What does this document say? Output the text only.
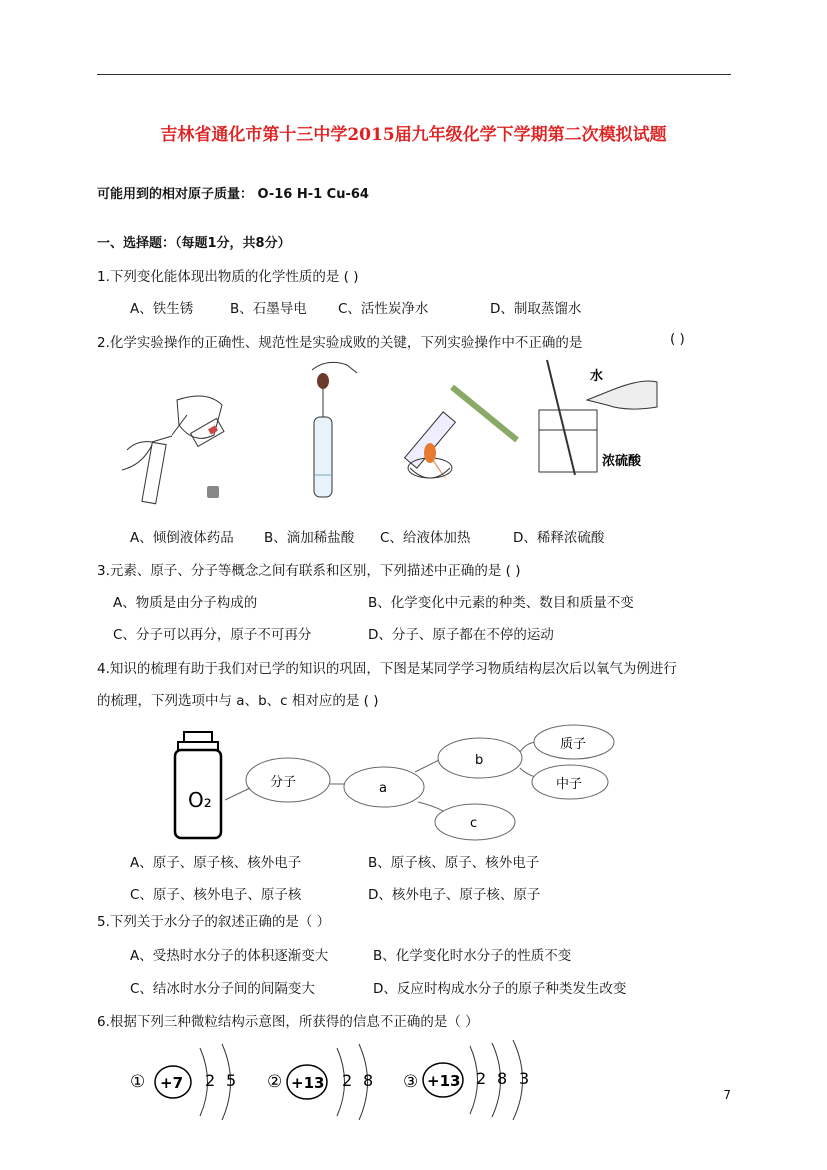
吉林省通化市第十三中学2015届九年级化学下学期第二次模拟试题
可能用到的相对原子质量： O-16 H-1 Cu-64
一、选择题：（每题1分，共8分）
1.下列变化能体现出物质的化学性质的是 ( )
A、铁生锈	B、石墨导电 C、活性炭净水	D、制取蒸馏水
2.化学实验操作的正确性、规范性是实验成败的关键，下列实验操作中不正确的是	( )
水
浓硫酸
A、倾倒液体药品 B、滴加稀盐酸 C、给液体加热	D、稀释浓硫酸
3.元素、原子、分子等概念之间有联系和区别，下列描述中正确的是 ( )
A、物质是由分子构成的	B、化学变化中元素的种类、数目和质量不变
C、分子可以再分，原子不可再分	D、分子、原子都在不停的运动
4.知识的梳理有助于我们对已学的知识的巩固，下图是某同学学习物质结构层次后以氧气为例进行
的梳理，下列选项中与 a、b、c 相对应的是 ( )
O₂
分子	a
b
c
质子
中子
A、原子、原子核、核外电子	B、原子核、原子、核外电子
C、原子、核外电子、原子核	D、核外电子、原子核、原子
5.下列关于水分子的叙述正确的是（ ）
A、受热时水分子的体积逐渐变大	B、化学变化时水分子的性质不变
C、结冰时水分子间的间隔变大	D、反应时构成水分子的原子种类发生改变
6.根据下列三种微粒结构示意图，所获得的信息不正确的是（ ）
① +7 2 5 ② +13 2 8 ③ +13 2 8 3
7
